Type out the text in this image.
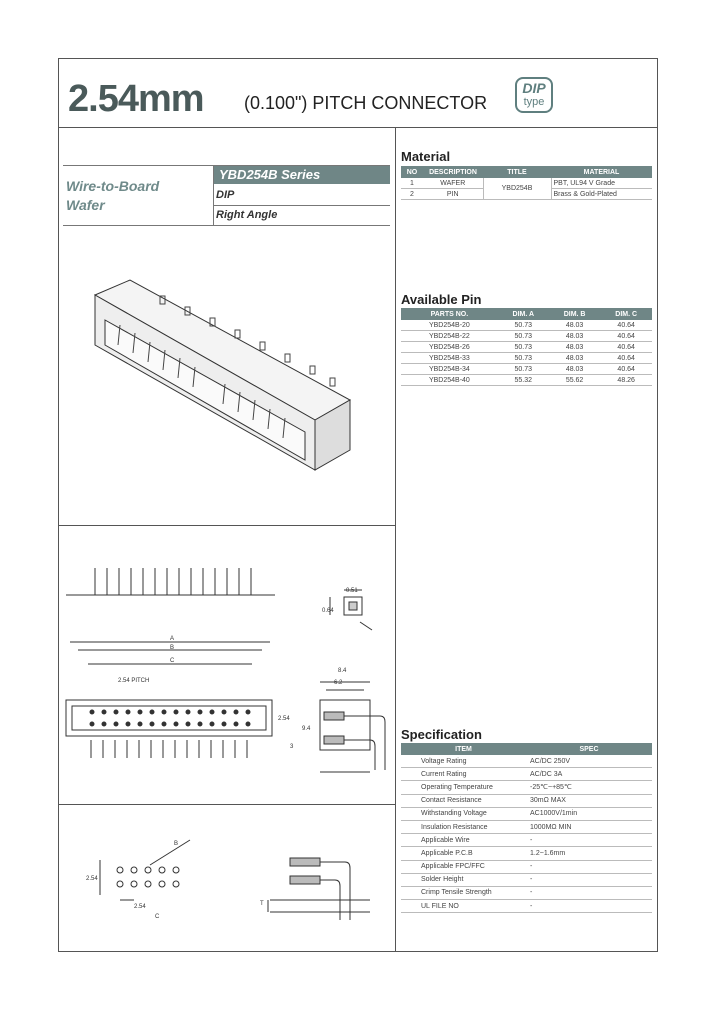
2.54mm (0.100") PITCH CONNECTOR
DIP
type
Wire-to-Board
Wafer
YBD254B Series
DIP
Right Angle
Material
NO	DESCRIPTION	TITLE	MATERIAL
1	WAFER	YBD254B	PBT, UL94 V Grade
2	PIN		Brass & Gold-Plated
Available Pin
PARTS NO.	DIM. A	DIM. B	DIM. C
YBD254B-20	50.73	48.03	40.64
YBD254B-22	50.73	48.03	40.64
YBD254B-26	50.73	48.03	40.64
YBD254B-33	50.73	48.03	40.64
YBD254B-34	50.73	48.03	40.64
YBD254B-40	55.32	55.62	48.26
Specification
ITEM	SPEC
Voltage Rating	AC/DC 250V
Current Rating	AC/DC 3A
Operating Temperature	-25℃~+85℃
Contact Resistance	30mΩ MAX
Withstanding Voltage	AC1000V/1min
Insulation Resistance	1000MΩ MIN
Applicable Wire	-
Applicable P.C.B	1.2~1.6mm
Applicable FPC/FFC	-
Solder Height	-
Crimp Tensile Strength	-
UL FILE NO	-
0.51
0.64
A
B
C
2.54 PITCH
2.54
8.4
6.2
9.4
3
2.54
T
2.54
C
B
